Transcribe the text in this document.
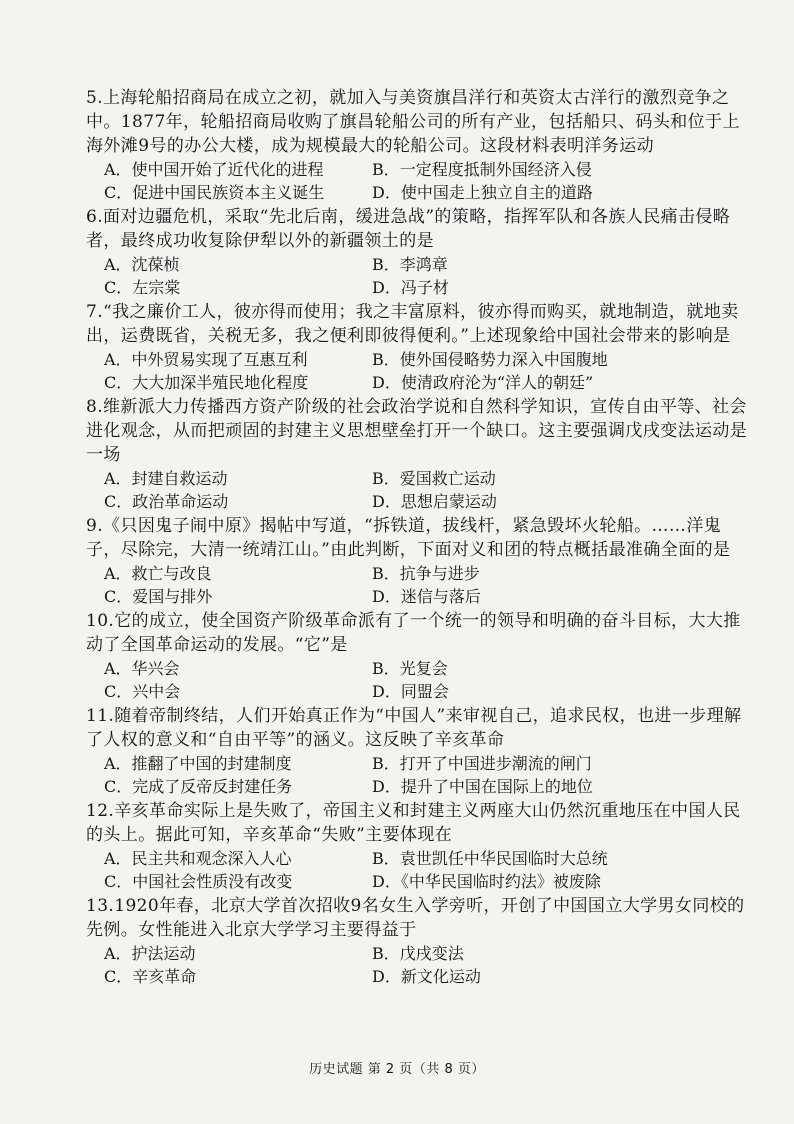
5.上海轮船招商局在成立之初，就加入与美资旗昌洋行和英资太古洋行的激烈竞争之中。1877年，轮船招商局收购了旗昌轮船公司的所有产业，包括船只、码头和位于上海外滩9号的办公大楼，成为规模最大的轮船公司。这段材料表明洋务运动
A．使中国开始了近代化的进程	B．一定程度抵制外国经济入侵
C．促进中国民族资本主义诞生	D．使中国走上独立自主的道路
6.面对边疆危机，采取“先北后南，缓进急战”的策略，指挥军队和各族人民痛击侵略者，最终成功收复除伊犁以外的新疆领土的是
A．沈葆桢	B．李鸿章
C．左宗棠	D．冯子材
7.“我之廉价工人，彼亦得而使用；我之丰富原料，彼亦得而购买，就地制造，就地卖出，运费既省，关税无多，我之便利即彼得便利。”上述现象给中国社会带来的影响是
A．中外贸易实现了互惠互利	B．使外国侵略势力深入中国腹地
C．大大加深半殖民地化程度	D．使清政府沦为“洋人的朝廷”
8.维新派大力传播西方资产阶级的社会政治学说和自然科学知识，宣传自由平等、社会进化观念，从而把顽固的封建主义思想壁垒打开一个缺口。这主要强调戊戌变法运动是一场
A．封建自救运动	B．爱国救亡运动
C．政治革命运动	D．思想启蒙运动
9.《只因鬼子闹中原》揭帖中写道，“拆铁道，拔线杆，紧急毁坏火轮船。……洋鬼子，尽除完，大清一统靖江山。”由此判断，下面对义和团的特点概括最准确全面的是
A．救亡与改良	B．抗争与进步
C．爱国与排外	D．迷信与落后
10.它的成立，使全国资产阶级革命派有了一个统一的领导和明确的奋斗目标，大大推动了全国革命运动的发展。“它”是
A．华兴会	B．光复会
C．兴中会	D．同盟会
11.随着帝制终结，人们开始真正作为“中国人”来审视自己，追求民权，也进一步理解了人权的意义和“自由平等”的涵义。这反映了辛亥革命
A．推翻了中国的封建制度	B．打开了中国进步潮流的闸门
C．完成了反帝反封建任务	D．提升了中国在国际上的地位
12.辛亥革命实际上是失败了，帝国主义和封建主义两座大山仍然沉重地压在中国人民的头上。据此可知，辛亥革命“失败”主要体现在
A．民主共和观念深入人心	B．袁世凯任中华民国临时大总统
C．中国社会性质没有改变	D．《中华民国临时约法》被废除
13.1920年春，北京大学首次招收9名女生入学旁听，开创了中国国立大学男女同校的先例。女性能进入北京大学学习主要得益于
A．护法运动	B．戊戌变法
C．辛亥革命	D．新文化运动
历史试题 第 2 页（共 8 页）
